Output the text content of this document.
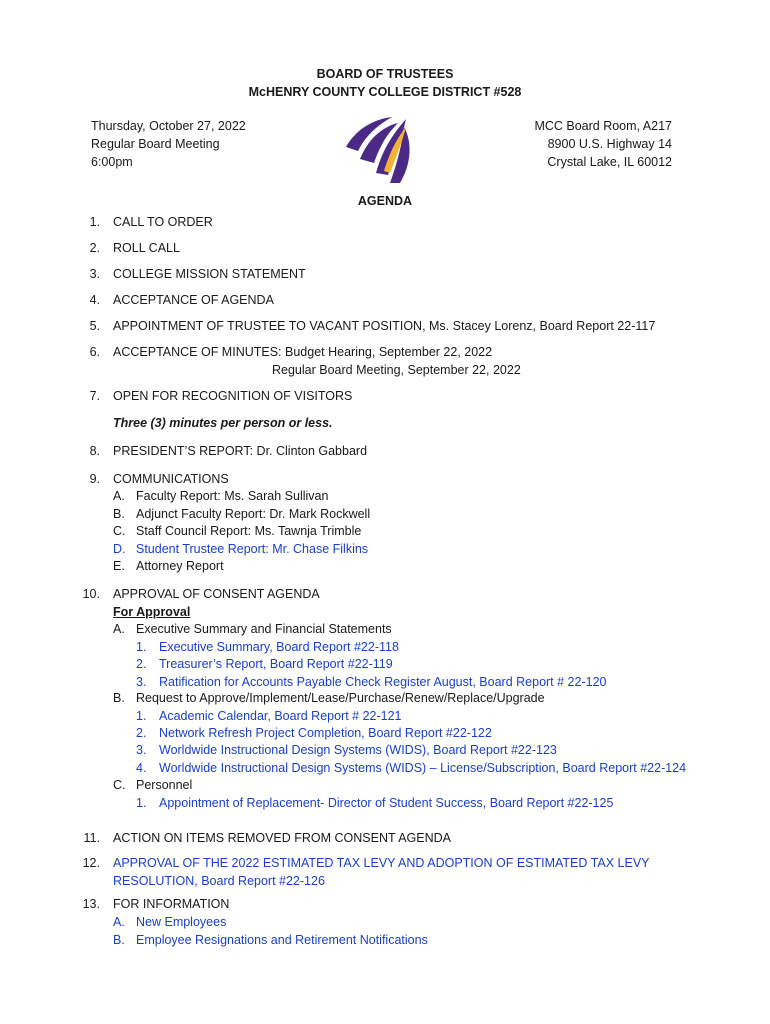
BOARD OF TRUSTEES
McHENRY COUNTY COLLEGE DISTRICT #528
Thursday, October 27, 2022
Regular Board Meeting
6:00pm
MCC Board Room, A217
8900 U.S. Highway 14
Crystal Lake, IL 60012
AGENDA
1. CALL TO ORDER
2. ROLL CALL
3. COLLEGE MISSION STATEMENT
4. ACCEPTANCE OF AGENDA
5. APPOINTMENT OF TRUSTEE TO VACANT POSITION, Ms. Stacey Lorenz, Board Report 22-117
6. ACCEPTANCE OF MINUTES: Budget Hearing, September 22, 2022
Regular Board Meeting, September 22, 2022
7. OPEN FOR RECOGNITION OF VISITORS
Three (3) minutes per person or less.
8. PRESIDENT’S REPORT: Dr. Clinton Gabbard
9. COMMUNICATIONS
A. Faculty Report: Ms. Sarah Sullivan
B. Adjunct Faculty Report: Dr. Mark Rockwell
C. Staff Council Report: Ms. Tawnja Trimble
D. Student Trustee Report: Mr. Chase Filkins
E. Attorney Report
10. APPROVAL OF CONSENT AGENDA
For Approval
A. Executive Summary and Financial Statements
1. Executive Summary, Board Report #22-118
2. Treasurer’s Report, Board Report #22-119
3. Ratification for Accounts Payable Check Register August, Board Report # 22-120
B. Request to Approve/Implement/Lease/Purchase/Renew/Replace/Upgrade
1. Academic Calendar, Board Report # 22-121
2. Network Refresh Project Completion, Board Report #22-122
3. Worldwide Instructional Design Systems (WIDS), Board Report #22-123
4. Worldwide Instructional Design Systems (WIDS) – License/Subscription, Board Report #22-124
C. Personnel
1. Appointment of Replacement- Director of Student Success, Board Report #22-125
11. ACTION ON ITEMS REMOVED FROM CONSENT AGENDA
12. APPROVAL OF THE 2022 ESTIMATED TAX LEVY AND ADOPTION OF ESTIMATED TAX LEVY
RESOLUTION, Board Report #22-126
13. FOR INFORMATION
A. New Employees
B. Employee Resignations and Retirement Notifications
